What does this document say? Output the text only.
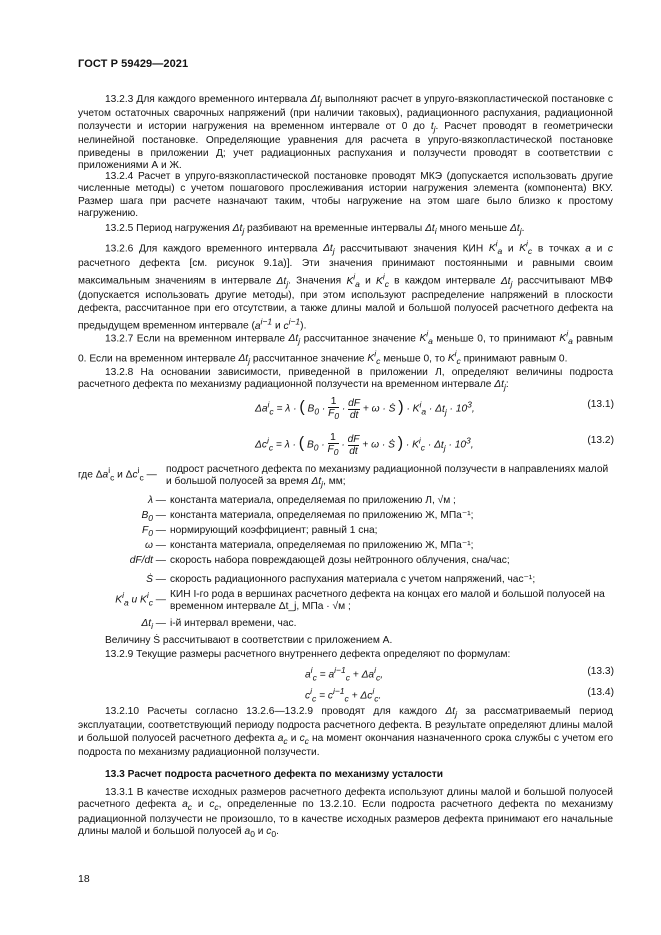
ГОСТ Р 59429—2021
13.2.3 Для каждого временного интервала $\Delta t_j$ выполняют расчет в упруго-вязкопластической постановке с учетом остаточных сварочных напряжений (при наличии таковых), радиационного распухания, радиационной ползучести и истории нагружения на временном интервале от 0 до $t_j$. Расчет проводят в геометрически нелинейной постановке. Определяющие уравнения для расчета в упруго-вязкопластической постановке приведены в приложении Д; учет радиационных распухания и ползучести проводят в соответствии с приложениями А и Ж.
13.2.4 Расчет в упруго-вязкопластической постановке проводят МКЭ (допускается использовать другие численные методы) с учетом пошагового прослеживания истории нагружения элемента (компонента) ВКУ. Размер шага при расчете назначают таким, чтобы нагружение на этом шаге было близко к простому нагружению.
13.2.5 Период нагружения $\Delta t_j$ разбивают на временные интервалы $\Delta t_i$ много меньше $\Delta t_j$.
13.2.6 Для каждого временного интервала $\Delta t_j$ рассчитывают значения КИН $K^i_a$ и $K^i_c$ в точках a и c расчетного дефекта [см. рисунок 9.1а)]. Эти значения принимают постоянными и равными своим максимальным значениям в интервале $\Delta t_j$. Значения $K^i_a$ и $K^i_c$ в каждом интервале $\Delta t_j$ рассчитывают МВФ (допускается использовать другие методы), при этом используют распределение напряжений в плоскости дефекта, рассчитанное при его отсутствии, а также длины малой и большой полуосей расчетного дефекта на предыдущем временном интервале ($a^{i-1}$ и $c^{i-1}$).
13.2.7 Если на временном интервале $\Delta t_j$ рассчитанное значение $K^i_a$ меньше 0, то принимают $K^i_a$ равным 0. Если на временном интервале $\Delta t_j$ рассчитанное значение $K^i_c$ меньше 0, то $K^i_c$ принимают равным 0.
13.2.8 На основании зависимости, приведенной в приложении Л, определяют величины подроста расчетного дефекта по механизму радиационной ползучести на временном интервале $\Delta t_j$:
$\Delta a^i_c = \lambda$ · ( $B_0 \cdot \frac{1}{F_0} \cdot \frac{dF}{dt} + \omega$ · Ṡ ) · $K^i_a \cdot \Delta t_j \cdot 10^3$,	(13.1)
$\Delta c^i_c = \lambda$ · ( $B_0 \cdot \frac{1}{F_0} \cdot \frac{dF}{dt} + \omega$ · Ṡ ) · $K^i_c \cdot \Delta t_j \cdot 10^3$,	(13.2)
где $\Delta a^i_c$ и $\Delta c^i_c$ — подрост расчетного дефекта по механизму радиационной ползучести в направлениях малой и большой полуосей за время $\Delta t_j$, мм;
λ — константа материала, определяемая по приложению Л, √м ;
$B_0$ — константа материала, определяемая по приложению Ж, МПа⁻¹;
$F_0$ — нормирующий коэффициент; равный 1 сна;
ω — константа материала, определяемая по приложению Ж, МПа⁻¹;
dF/dt — скорость набора повреждающей дозы нейтронного облучения, сна/час;
Ṡ — скорость радиационного распухания материала с учетом напряжений, час⁻¹;
$K^i_a$ и $K^i_c$ — КИН I-го рода в вершинах расчетного дефекта на концах его малой и большой полуосей на временном интервале Δt_j, МПа · √м ;
$\Delta t_i$ — i-й интервал времени, час.
Величину Ṡ рассчитывают в соответствии с приложением А.
13.2.9 Текущие размеры расчетного внутреннего дефекта определяют по формулам:
$a^i_c = a^{i-1}_c + \Delta a^i_c$,	(13.3)
$c^i_c = c^{i-1}_c + \Delta c^i_c$.	(13.4)
13.2.10 Расчеты согласно 13.2.6—13.2.9 проводят для каждого $\Delta t_j$ за рассматриваемый период эксплуатации, соответствующий периоду подроста расчетного дефекта. В результате определяют длины малой и большой полуосей расчетного дефекта $a_c$ и $c_c$ на момент окончания назначенного срока службы с учетом его подроста по механизму радиационной ползучести.
13.3 Расчет подроста расчетного дефекта по механизму усталости
13.3.1 В качестве исходных размеров расчетного дефекта используют длины малой и большой полуосей расчетного дефекта $a_c$ и $c_c$, определенные по 13.2.10. Если подроста расчетного дефекта по механизму радиационной ползучести не произошло, то в качестве исходных размеров дефекта принимают его начальные длины малой и большой полуосей $a_0$ и $c_0$.
18
